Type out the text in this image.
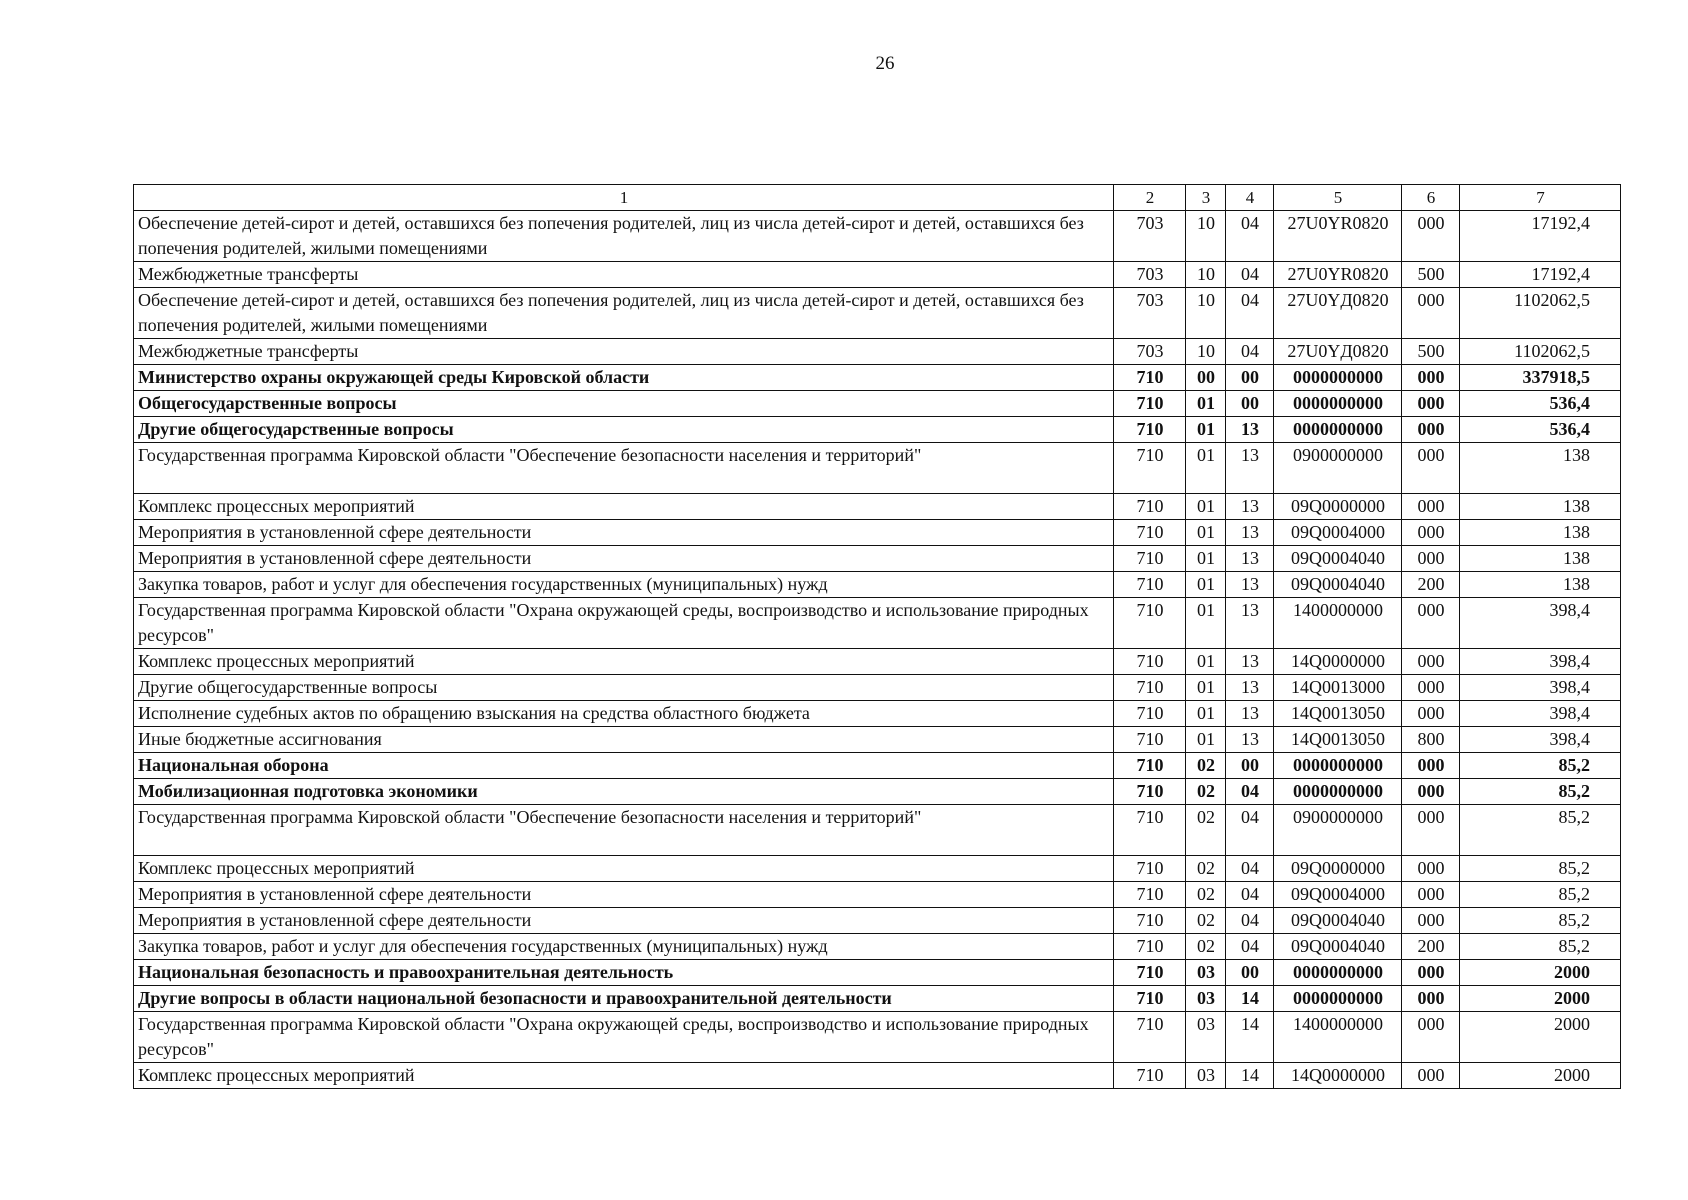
26
1	2	3	4	5	6	7
Обеспечение детей-сирот и детей, оставшихся без попечения родителей, лиц из числа детей-сирот и детей, оставшихся без попечения родителей, жилыми помещениями	703	10	04	27U0YR0820	000	17192,4
Межбюджетные трансферты	703	10	04	27U0YR0820	500	17192,4
Обеспечение детей-сирот и детей, оставшихся без попечения родителей, лиц из числа детей-сирот и детей, оставшихся без попечения родителей, жилыми помещениями	703	10	04	27U0YД0820	000	1102062,5
Межбюджетные трансферты	703	10	04	27U0YД0820	500	1102062,5
Министерство охраны окружающей среды Кировской области	710	00	00	0000000000	000	337918,5
Общегосударственные вопросы	710	01	00	0000000000	000	536,4
Другие общегосударственные вопросы	710	01	13	0000000000	000	536,4
Государственная программа Кировской области "Обеспечение безопасности населения и территорий"	710	01	13	0900000000	000	138
Комплекс процессных мероприятий	710	01	13	09Q0000000	000	138
Мероприятия в установленной сфере деятельности	710	01	13	09Q0004000	000	138
Мероприятия в установленной сфере деятельности	710	01	13	09Q0004040	000	138
Закупка товаров, работ и услуг для обеспечения государственных (муниципальных) нужд	710	01	13	09Q0004040	200	138
Государственная программа Кировской области "Охрана окружающей среды, воспроизводство и использование природных ресурсов"	710	01	13	1400000000	000	398,4
Комплекс процессных мероприятий	710	01	13	14Q0000000	000	398,4
Другие общегосударственные вопросы	710	01	13	14Q0013000	000	398,4
Исполнение судебных актов по обращению взыскания на средства областного бюджета	710	01	13	14Q0013050	000	398,4
Иные бюджетные ассигнования	710	01	13	14Q0013050	800	398,4
Национальная оборона	710	02	00	0000000000	000	85,2
Мобилизационная подготовка экономики	710	02	04	0000000000	000	85,2
Государственная программа Кировской области "Обеспечение безопасности населения и территорий"	710	02	04	0900000000	000	85,2
Комплекс процессных мероприятий	710	02	04	09Q0000000	000	85,2
Мероприятия в установленной сфере деятельности	710	02	04	09Q0004000	000	85,2
Мероприятия в установленной сфере деятельности	710	02	04	09Q0004040	000	85,2
Закупка товаров, работ и услуг для обеспечения государственных (муниципальных) нужд	710	02	04	09Q0004040	200	85,2
Национальная безопасность и правоохранительная деятельность	710	03	00	0000000000	000	2000
Другие вопросы в области национальной безопасности и правоохранительной деятельности	710	03	14	0000000000	000	2000
Государственная программа Кировской области "Охрана окружающей среды, воспроизводство и использование природных ресурсов"	710	03	14	1400000000	000	2000
Комплекс процессных мероприятий	710	03	14	14Q0000000	000	2000
